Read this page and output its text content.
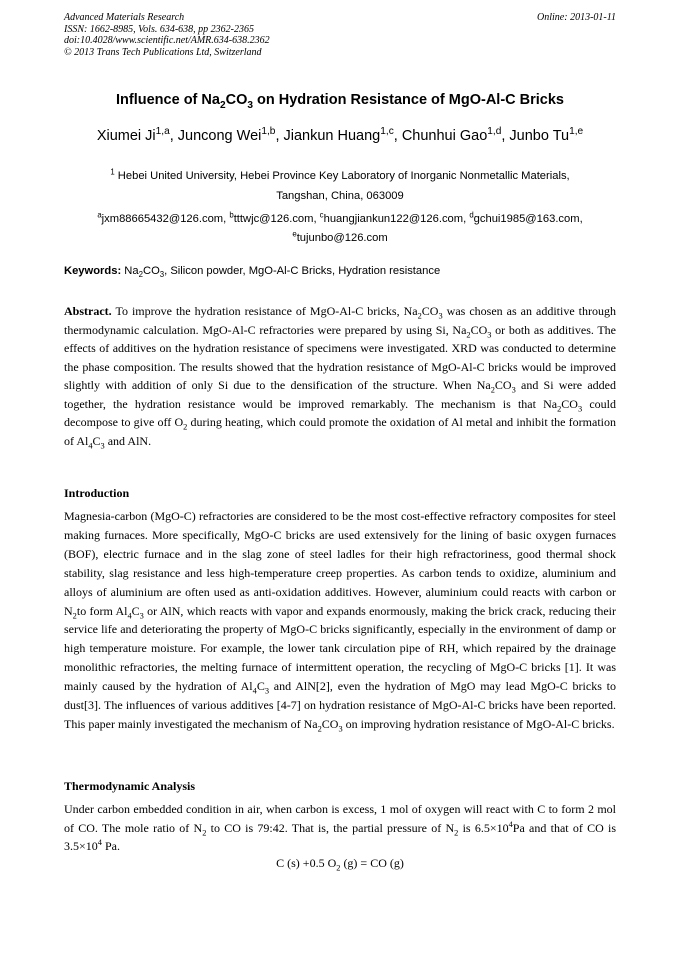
Advanced Materials Research
ISSN: 1662-8985, Vols. 634-638, pp 2362-2365
doi:10.4028/www.scientific.net/AMR.634-638.2362
© 2013 Trans Tech Publications Ltd, Switzerland
Online: 2013-01-11
Influence of $Na_2CO_3$ on Hydration Resistance of MgO-Al-C Bricks
Xiumei Ji$^{1,a}$, Juncong Wei$^{1,b}$, Jiankun Huang$^{1,c}$, Chunhui Gao$^{1,d}$, Junbo Tu$^{1,e}$
$^1$ Hebei United University, Hebei Province Key Laboratory of Inorganic Nonmetallic Materials,
Tangshan, China, 063009
$^a$jxm88665432@126.com, $^b$tttwjc@126.com, $^c$huangjiankun122@126.com, $^d$gchui1985@163.com,
$^e$tujunbo@126.com
Keywords: $Na_2CO_3$, Silicon powder, MgO-Al-C Bricks, Hydration resistance
Abstract. To improve the hydration resistance of MgO-Al-C bricks, $Na_2CO_3$ was chosen as an additive through thermodynamic calculation. MgO-Al-C refractories were prepared by using Si, $Na_2CO_3$ or both as additives. The effects of additives on the hydration resistance of specimens were investigated. XRD was conducted to determine the phase composition. The results showed that the hydration resistance of MgO-Al-C bricks would be improved slightly with addition of only Si due to the densification of the structure. When $Na_2CO_3$ and Si were added together, the hydration resistance would be improved remarkably. The mechanism is that $Na_2CO_3$ could decompose to give off $O_2$ during heating, which could promote the oxidation of Al metal and inhibit the formation of $Al_4C_3$ and AlN.
Introduction
Magnesia-carbon (MgO-C) refractories are considered to be the most cost-effective refractory composites for steel making furnaces. More specifically, MgO-C bricks are used extensively for the lining of basic oxygen furnaces (BOF), electric furnace and in the slag zone of steel ladles for their high refractoriness, good thermal shock stability, slag resistance and less high-temperature creep properties. As carbon tends to oxidize, aluminium and alloys of aluminium are often used as anti-oxidation additives. However, aluminium could reacts with carbon or $N_2to$ form $Al_4C_3$ or AlN, which reacts with vapor and expands enormously, making the brick crack, reducing their service life and deteriorating the property of MgO-C bricks significantly, especially in the environment of damp or high temperature moisture. For example, the lower tank circulation pipe of RH, which repaired by the drainage monolithic refractories, the melting furnace of intermittent operation, the recycling of MgO-C bricks [1]. It was mainly caused by the hydration of $Al_4C_3$ and AlN[2], even the hydration of MgO may lead MgO-C bricks to dust[3]. The influences of various additives [4-7] on hydration resistance of MgO-Al-C bricks have been reported. This paper mainly investigated the mechanism of $Na_2CO_3$ on improving hydration resistance of MgO-Al-C bricks.
Thermodynamic Analysis
Under carbon embedded condition in air, when carbon is excess, 1 mol of oxygen will react with C to form 2 mol of CO. The mole ratio of $N_2$ to CO is 79:42. That is, the partial pressure of $N_2$ is $6.5\times 10^4Pa$ and that of CO is $3.5\times 10^4$ Pa.
C (s) +0.5 $O_2$ (g) = CO (g)
